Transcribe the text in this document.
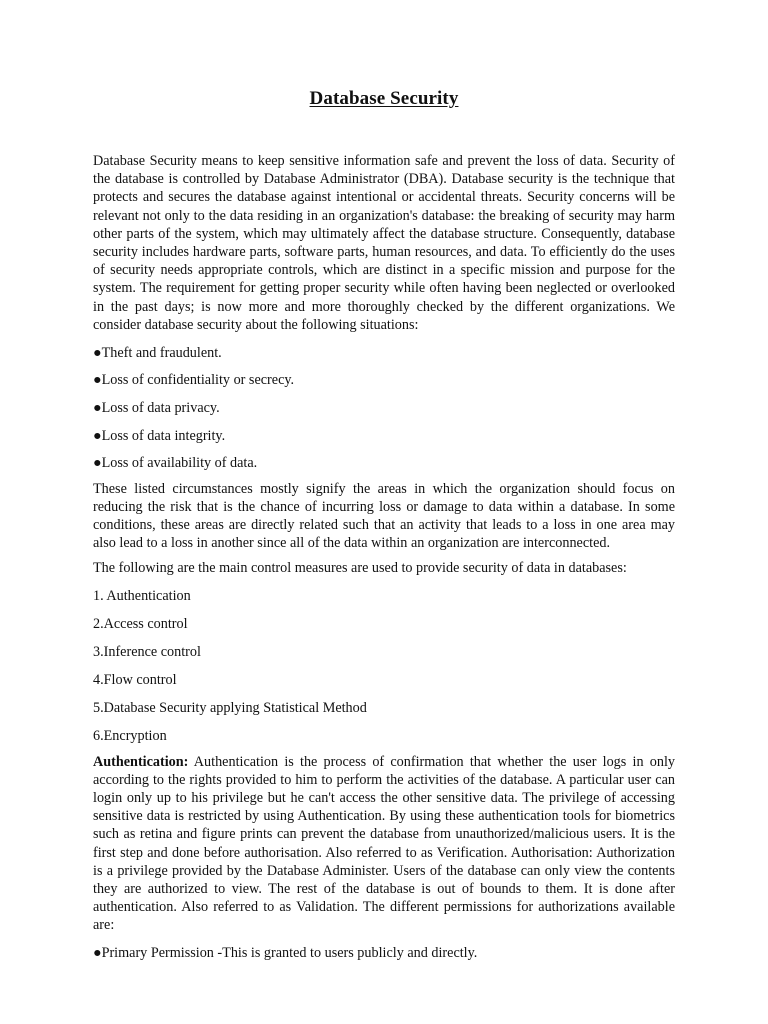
Database Security

Database Security means to keep sensitive information safe and prevent the loss of data. Security of the database is controlled by Database Administrator (DBA). Database security is the technique that protects and secures the database against intentional or accidental threats. Security concerns will be relevant not only to the data residing in an organization's database: the breaking of security may harm other parts of the system, which may ultimately affect the database structure. Consequently, database security includes hardware parts, software parts, human resources, and data. To efficiently do the uses of security needs appropriate controls, which are distinct in a specific mission and purpose for the system. The requirement for getting proper security while often having been neglected or overlooked in the past days; is now more and more thoroughly checked by the different organizations. We consider database security about the following situations:

●Theft and fraudulent.

●Loss of confidentiality or secrecy.

●Loss of data privacy.

●Loss of data integrity.

●Loss of availability of data.

These listed circumstances mostly signify the areas in which the organization should focus on reducing the risk that is the chance of incurring loss or damage to data within a database. In some conditions, these areas are directly related such that an activity that leads to a loss in one area may also lead to a loss in another since all of the data within an organization are interconnected.

The following are the main control measures are used to provide security of data in databases:

1. Authentication

2.Access control

3.Inference control

4.Flow control

5.Database Security applying Statistical Method

6.Encryption

Authentication: Authentication is the process of confirmation that whether the user logs in only according to the rights provided to him to perform the activities of the database. A particular user can login only up to his privilege but he can't access the other sensitive data. The privilege of accessing sensitive data is restricted by using Authentication. By using these authentication tools for biometrics such as retina and figure prints can prevent the database from unauthorized/malicious users. It is the first step and done before authorisation. Also referred to as Verification. Authorisation: Authorization is a privilege provided by the Database Administer. Users of the database can only view the contents they are authorized to view. The rest of the database is out of bounds to them. It is done after authentication. Also referred to as Validation. The different permissions for authorizations available are:

●Primary Permission -This is granted to users publicly and directly.
